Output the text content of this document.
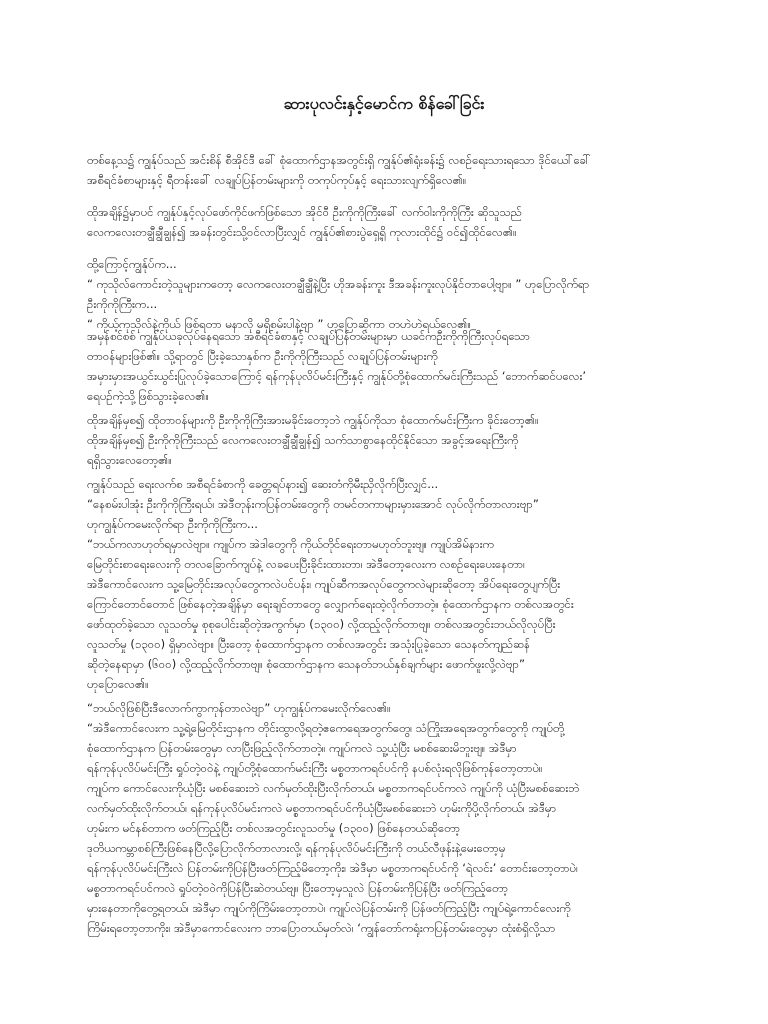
ဆားပုလင်းနှင့်မောင်က စိန်ခေါ်ခြင်း

တစ်နေ့သ၌ ကျွန်ုပ်သည် အင်းစိန် စီအိုင်ဒီ ခေါ် စုံထောက်ဌာနအတွင်းရှိ ကျွန်ုပ်၏ရုံးခန်း၌ လစဉ်ရေးသားရသော ဒိုင်ယေါ်ခေါ်
အစီရင်ခံစာများနှင့် ရီတန်းခေါ် လချုပ်ပြန်တမ်းများကို တကုပ်ကုပ်နှင့် ရေးသားလျက်ရှိလေ၏။

ထိုအချိန်၌မှာပင် ကျွန်ုပ်နှင့်လုပ်ဖော်ကိုင်ဖက်ဖြစ်သော အိုင်ဝီ ဦးကိုကိုကြီးခေါ် လက်ဝါးကိုကိုကြီး ဆိုသူသည်
လေကလေးတချွီချွီချွန်၍ အခန်းတွင်းသို့ဝင်လာပြီးလျှင် ကျွန်ုပ်၏စားပွဲရှေ့ရှိ ကုလားထိုင်၌ ဝင်၍ထိုင်လေ၏။

ထို့ကြောင့်ကျွန်ုပ်က...
“ ကုသိုလ်ကောင်းတဲ့သူများကတော့ လေကလေးတချွီချွီနဲ့ပြီး ဟိုအခန်းကူး ဒီအခန်းကူးလုပ်နိုင်တာပေါ့ဗျာ။ ” ဟုပြောလိုက်ရာ
ဦးကိုကိုကြီးက...
“ ကိုယ့်ကုသိုလ်နဲ့ကိုယ် ဖြစ်ရတာ မနာလို မရှိစမ်းပါနဲ့ဗျာ ” ဟုပြောဆိုကာ တဟဲဟဲရယ်လေ၏။

အမှန်စင်စစ် ကျွန်ုပ်ယခုလုပ်နေရသော အစီရင်ခံစာနှင့် လချုပ်ပြန်တမ်းများမှာ ယခင်ကဦးကိုကိုကြီးလုပ်ရသော
တာဝန်များဖြစ်၏။ သို့ရာတွင် ပြီးခဲ့သောနှစ်က ဦးကိုကိုကြီးသည် လချုပ်ပြန်တမ်းများကို
အမှားမှားအယွင်းယွင်းပြုလုပ်ခဲ့သောကြောင့် ရန်ကုန်ပုလိပ်မင်းကြီးနှင့် ကျွန်ုပ်တို့စုံထောက်မင်းကြီးသည် ‘ဘောက်ဆင်ပလေး’
ရေပဉ်ကဲ့သို့ဖြစ်သွားခဲ့လေ၏။

ထိုအချိန်မှစ၍ ထိုတာဝန်များကို ဦးကိုကိုကြီးအားမခိုင်းတော့ဘဲ ကျွန်ုပ်ကိုသာ စုံထောက်မင်းကြီးက ခိုင်းတော့၏။
ထိုအချိန်မှစ၍ ဦးကိုကိုကြီးသည် လေကလေးတချွီချွီချွန်၍ သက်သာစွာနေထိုင်နိုင်သော အခွင့်အရေးကြီးကို
ရရှိသွားလေတော့၏။

ကျွန်ုပ်သည် ရေးလက်စ အစီရင်ခံစာကို ခေတ္တရပ်နား၍ ဆေးတံကိုမီးညှိလိုက်ပြီးလျှင်...
“နေစမ်းပါအုံး ဦးကိုကိုကြီးရယ်၊ အဲဒီတုန်းကပြန်တမ်းတွေကို တမင်တကာများမှားအောင် လုပ်လိုက်တာလားဗျာ”
ဟုကျွန်ုပ်ကမေးလိုက်ရာ ဦးကိုကိုကြီးက...
“ဘယ်ကလာဟုတ်ရမှာလဲဗျာ။ ကျုပ်က အဲဒါတွေကို ကိုယ်တိုင်ရေးတာမဟုတ်ဘူးဗျ။ ကျုပ်အိမ်နားက
မြေတိုင်းစာရေးလေးကို တလခြောက်ကျပ်နဲ့ လခပေးပြီးခိုင်းထားတာ၊ အဲဒီတော့လေးက လစဉ်ရေးပေးနေတာ၊
အဲဒီကောင်လေးက သူ့မြေတိုင်းအလုပ်တွေကလဲပင်ပန်း၊ ကျုပ်ဆီကအလုပ်တွေကလဲများဆိုတော့ အိပ်ရေးတွေပျက်ပြီး
ကြောင်တောင်တောင် ဖြစ်နေတဲ့အချိန်မှာ ရေးချင်တာတွေ လျှောက်ရေးထဲ့လိုက်တာတဲ့။ စုံထောက်ဌာနက တစ်လအတွင်း
ဖော်ထုတ်ခဲ့သော လူသတ်မှု စုစုပေါင်းဆိုတဲ့အကွက်မှာ (၁၃၀၀) လို့ထည့်လိုက်တာဗျ။ တစ်လအတွင်းဘယ်လိုလုပ်ပြီး
လူသတ်မှု (၁၃၀၀) ရှိမှာလဲဗျာ။ ပြီးတော့ စုံထောက်ဌာနက တစ်လအတွင်း အသုံးပြုခဲ့သော သေနတ်ကျည်ဆန်
ဆိုတဲ့နေရာမှာ (၆၀၀) လို့ထည့်လိုက်တာဗျ။ စုံထောက်ဌာနက သေနတ်ဘယ်နှစ်ချက်များ ဖောက်ဖူးလို့လဲဗျာ”
ဟုပြောလေ၏။

“ဘယ်လိုဖြစ်ပြီးဒီလောက်ကွာကုန်တာလဲဗျာ” ဟုကျွန်ုပ်ကမေးလိုက်လေ၏။
“အဲဒီကောင်လေးက သူ့ရဲ့မြေတိုင်းဌာနက တိုင်းထွာလို့ရတဲ့ဧကေရေအတွက်တွေ၊ သံကြိုးအရေအတွက်တွေကို ကျုပ်တို့
စုံထောက်ဌာနက ပြန်တမ်းတွေမှာ လာပြီးဖြည့်လိုက်တာတဲ့။ ကျုပ်ကလဲ သူ့ယုံပြီး မစစ်ဆေးမိဘူးဗျ။ အဲဒီမှာ
ရန်ကုန်ပုလိပ်မင်းကြီး ရှုပ်တဲ့ဝဝဲနဲ့ ကျုပ်တို့စုံထောက်မင်းကြီး မစ္စတာကရင်ပင်ကို နပစ်လုံးရလိုဖြစ်ကုန်တော့တာပဲ။
ကျုပ်က ကောင်လေးကိုယုံပြီး မစစ်ဆေးဘဲ လက်မှတ်ထိုးပြီးလိုက်တယ်၊ မစ္စတာကရင်ပင်ကလဲ ကျုပ်ကို ယုံပြီးမစစ်ဆေးဘဲ
လက်မှတ်ထိုးလိုက်တယ်၊ ရန်ကုန်ပုလိပ်မင်းကလဲ မစ္စတာကရင်ပင်ကိုယုံပြီးမစစ်ဆေးဘဲ ဟုမ်းကိုပို့လိုက်တယ်၊ အဲဒီမှာ
ဟုမ်းက မင်နစ်တာက ဖတ်ကြည့်ပြီး တစ်လအတွင်းလူသတ်မှု (၁၃၀၀) ဖြစ်နေတယ်ဆိုတော့
ဒုတိယကမ္ဘာစစ်ကြီးဖြစ်နေပြီလို့ပြောလိုက်တာလားလို့၊ ရန်ကုန်ပုလိပ်မင်းကြီးကို တယ်လီဖုန်းနဲ့မေးတော့မှ
ရန်ကုန်ပုလိပ်မင်းကြီးလဲ ပြန်တမ်းကိုပြန်ပြီးဖတ်ကြည့်မိတော့ကိုး၊ အဲဒီမှာ မစ္စတာကရင်ပင်ကို ‘ရဲလင်း’ တောင်းတော့တာပဲ၊
မစ္စတာကရင်ပင်ကလဲ ရှုပ်တဲ့ဝဝဲကိုပြန်ပြီးဆဲတယ်ဗျ။ ပြီးတော့မှသူလဲ ပြန်တမ်းကိုပြန်ပြီး ဖတ်ကြည့်တော့
မှားနေတာကိုတွေ့ရတယ်၊ အဲဒီမှာ ကျုပ်ကိုကြိမ်းတော့တာပဲ၊ ကျုပ်လဲပြန်တမ်းကို ပြန်ဖတ်ကြည့်ပြီး ကျုပ်ရဲ့ကောင်လေးကို
ကြိမ်းရတော့တာကိုး၊ အဲဒီမှာကောင်လေးက ဘာပြောတယ်မှတ်လဲ၊ ‘ကျွန်တော်ကရုံးကပြန်တမ်းတွေမှာ ထုံးစံရှိလို့သာ
